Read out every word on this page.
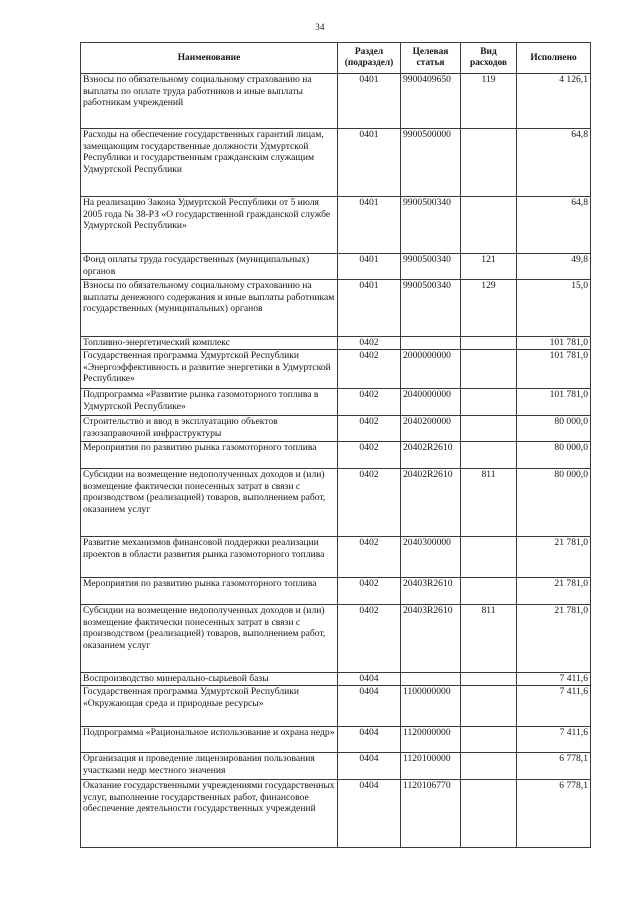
34
Наименование	Раздел (подраздел)	Целевая статья	Вид расходов	Исполнено
Взносы по обязательному социальному страхованию на выплаты по оплате труда работников и иные выплаты работникам учреждений	0401	9900409650	119	4 126,1
Расходы на обеспечение государственных гарантий лицам, замещающим государственные должности Удмуртской Республики и государственным гражданским служащим Удмуртской Республики	0401	9900500000		64,8
На реализацию Закона Удмуртской Республики от 5 июля 2005 года № 38-РЗ «О государственной гражданской службе Удмуртской Республики»	0401	9900500340		64,8
Фонд оплаты труда государственных (муниципальных) органов	0401	9900500340	121	49,8
Взносы по обязательному социальному страхованию на выплаты денежного содержания и иные выплаты работникам государственных (муниципальных) органов	0401	9900500340	129	15,0
Топливно-энергетический комплекс	0402			101 781,0
Государственная программа Удмуртской Республики «Энергоэффективность и развитие энергетики в Удмуртской Республике»	0402	2000000000		101 781,0
Подпрограмма «Развитие рынка газомоторного топлива в Удмуртской Республике»	0402	2040000000		101 781,0
Строительство и ввод в эксплуатацию объектов газозаправочной инфраструктуры	0402	2040200000		80 000,0
Мероприятия по развитию рынка газомоторного топлива	0402	20402R2610		80 000,0
Субсидии на возмещение недополученных доходов и (или) возмещение фактически понесенных затрат в связи с производством (реализацией) товаров, выполнением работ, оказанием услуг	0402	20402R2610	811	80 000,0
Развитие механизмов финансовой поддержки реализации проектов в области развития рынка газомоторного топлива	0402	2040300000		21 781,0
Мероприятия по развитию рынка газомоторного топлива	0402	20403R2610		21 781,0
Субсидии на возмещение недополученных доходов и (или) возмещение фактически понесенных затрат в связи с производством (реализацией) товаров, выполнением работ, оказанием услуг	0402	20403R2610	811	21 781,0
Воспроизводство минерально-сырьевой базы	0404			7 411,6
Государственная программа Удмуртской Республики «Окружающая среда и природные ресурсы»	0404	1100000000		7 411,6
Подпрограмма «Рациональное использование и охрана недр»	0404	1120000000		7 411,6
Организация и проведение лицензирования пользования участками недр местного значения	0404	1120100000		6 778,1
Оказание государственными учреждениями государственных услуг, выполнение государственных работ, финансовое обеспечение деятельности государственных учреждений	0404	1120106770		6 778,1
